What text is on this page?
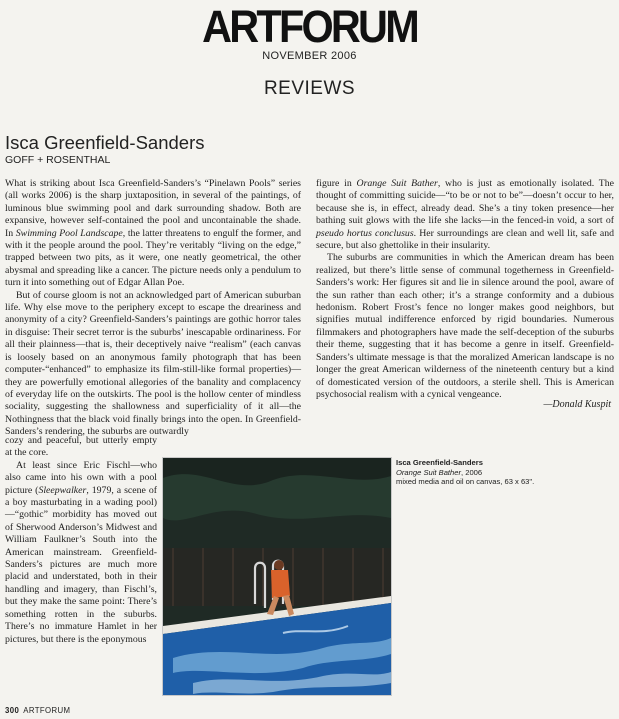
ARTFORUM
NOVEMBER 2006
REVIEWS
Isca Greenfield-Sanders
GOFF + ROSENTHAL

What is striking about Isca Greenfield-Sanders’s “Pinelawn Pools” series (all works 2006) is the sharp juxtaposition, in several of the paintings, of luminous blue swimming pool and dark surrounding shadow. Both are expansive, however self-contained the pool and uncontainable the shade. In Swimming Pool Landscape, the latter threatens to engulf the former, and with it the people around the pool. They’re veritably “living on the edge,” trapped between two pits, as it were, one neatly geometrical, the other abysmal and spreading like a cancer. The picture needs only a pendulum to turn it into something out of Edgar Allan Poe.

But of course gloom is not an acknowledged part of American suburban life. Why else move to the periphery except to escape the dreariness and anonymity of a city? Greenfield-Sanders’s paintings are gothic horror tales in disguise: Their secret terror is the suburbs’ inescapable ordinariness. For all their plainness—that is, their deceptively naive “realism” (each canvas is loosely based on an anonymous family photograph that has been computer-“enhanced” to emphasize its film-still-like formal properties)—they are powerfully emotional allegories of the banality and complacency of everyday life on the outskirts. The pool is the hollow center of mindless sociality, suggesting the shallowness and superficiality of it all—the Nothingness that the black void finally brings into the open. In Greenfield-Sanders’s rendering, the suburbs are outwardly

cozy and peaceful, but utterly empty at the core.

At least since Eric Fischl—who also came into his own with a pool picture (Sleepwalker, 1979, a scene of a boy masturbating in a wading pool)—“gothic” morbidity has moved out of Sherwood Anderson’s Midwest and William Faulkner’s South into the American mainstream. Greenfield-Sanders’s pictures are much more placid and understated, both in their handling and imagery, than Fischl’s, but they make the same point: There’s something rotten in the suburbs. There’s no immature Hamlet in her pictures, but there is the eponymous

figure in Orange Suit Bather, who is just as emotionally isolated. The thought of committing suicide—“to be or not to be”—doesn’t occur to her, because she is, in effect, already dead. She’s a tiny token presence—her bathing suit glows with the life she lacks—in the fenced-in void, a sort of pseudo hortus conclusus. Her surroundings are clean and well lit, safe and secure, but also ghettolike in their insularity.

The suburbs are communities in which the American dream has been realized, but there’s little sense of communal togetherness in Greenfield-Sanders’s work: Her figures sit and lie in silence around the pool, aware of the sun rather than each other; it’s a strange conformity and a dubious hedonism. Robert Frost’s fence no longer makes good neighbors, but signifies mutual indifference enforced by rigid boundaries. Numerous filmmakers and photographers have made the self-deception of the suburbs their theme, suggesting that it has become a genre in itself. Greenfield-Sanders’s ultimate message is that the moralized American landscape is no longer the great American wilderness of the nineteenth century but a kind of domesticated version of the outdoors, a sterile shell. This is American psychosocial realism with a cynical vengeance.

—Donald Kuspit
Isca Greenfield-Sanders
Orange Suit Bather, 2006
mixed media and oil on canvas, 63 x 63".
300 ARTFORUM
